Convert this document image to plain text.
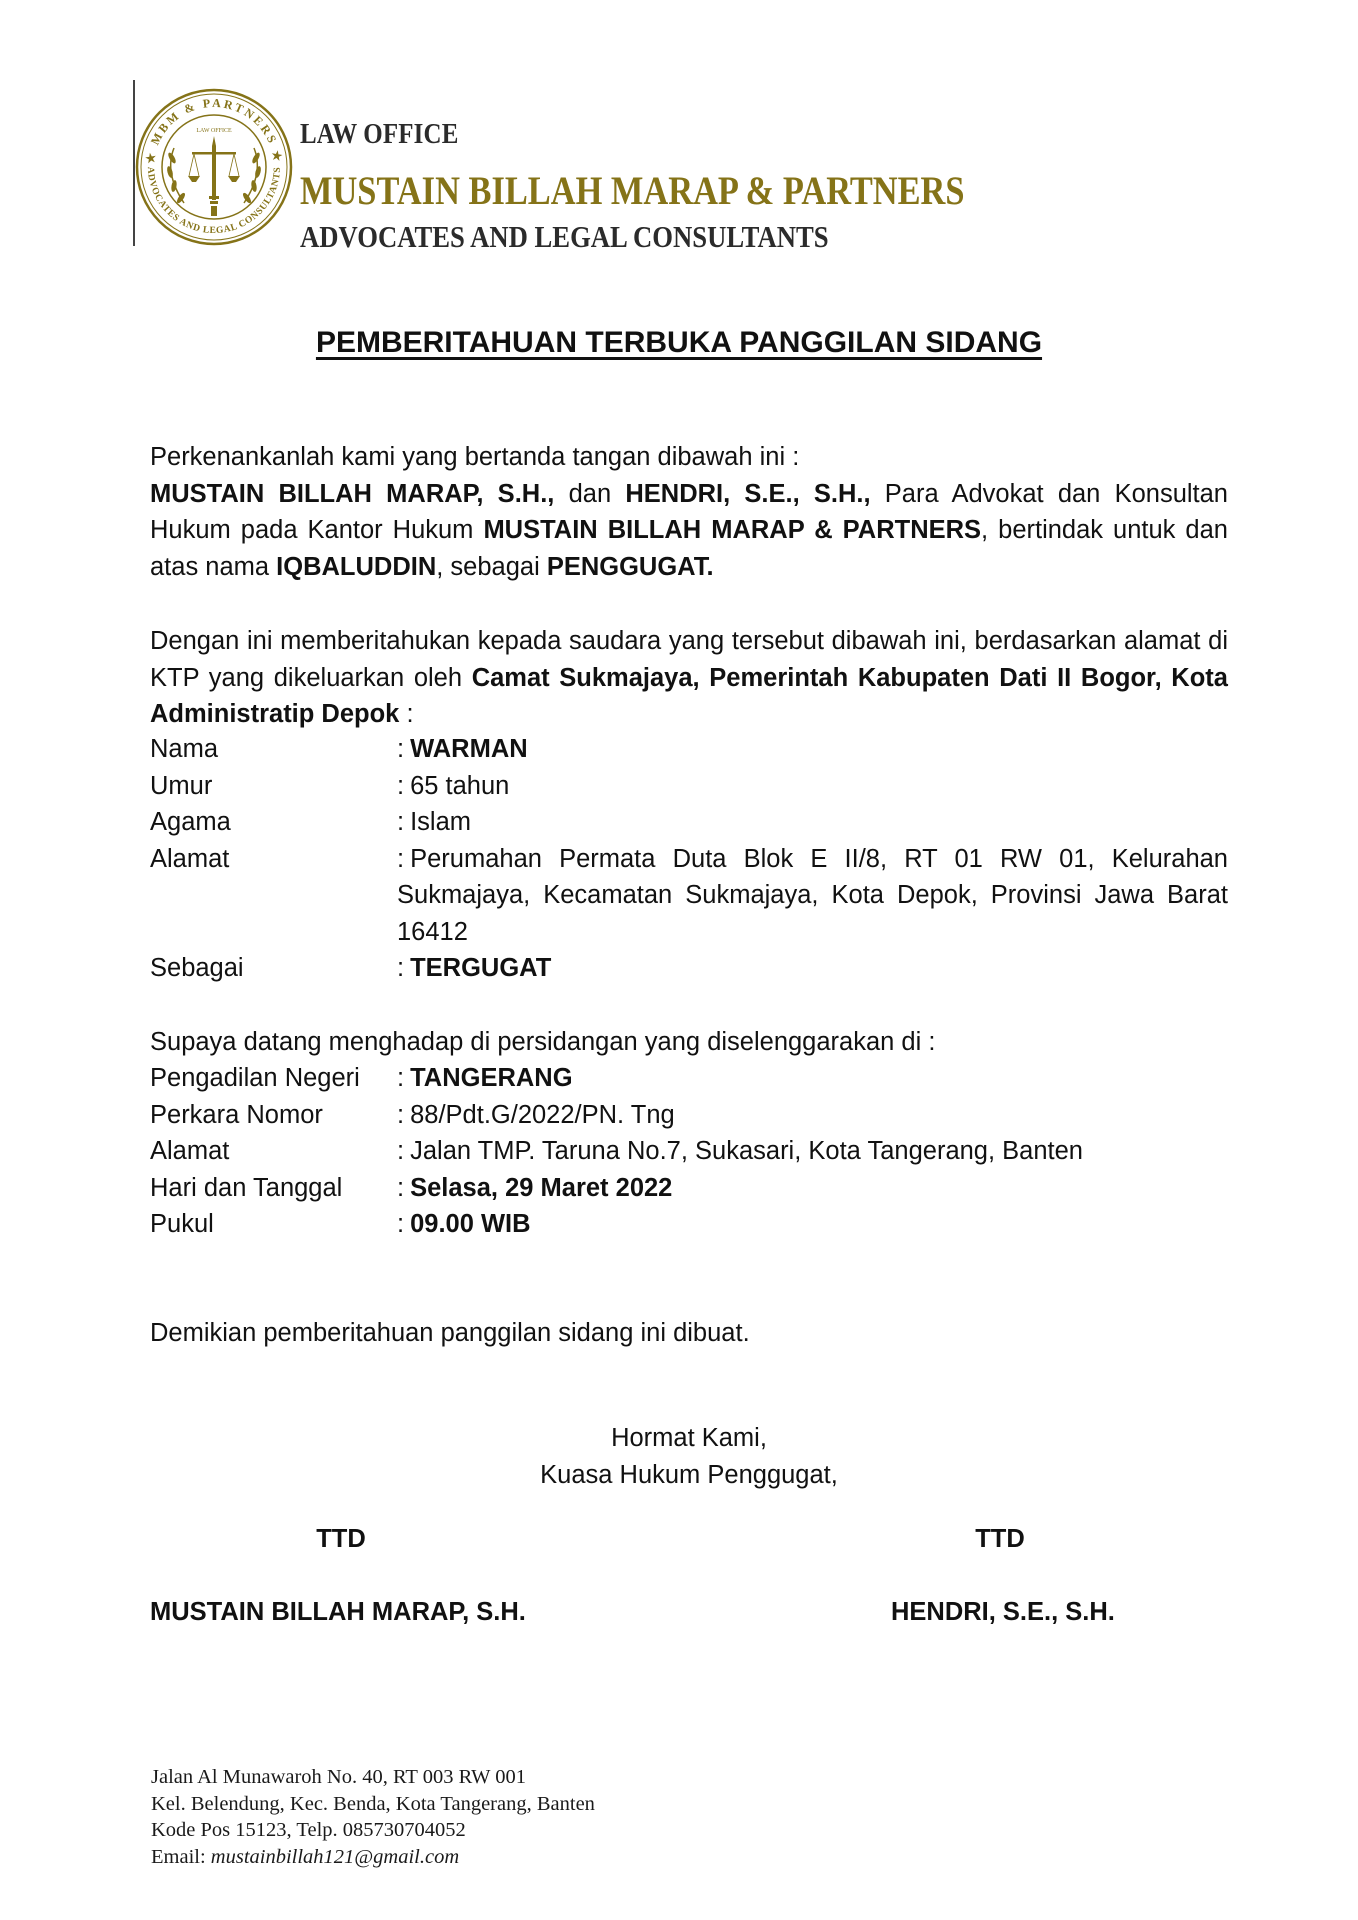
★ MBM & PARTNERS ★
ADVOCATES AND LEGAL CONSULTANTS
LAW OFFICE LAW OFFICE
MUSTAIN BILLAH MARAP & PARTNERS
ADVOCATES AND LEGAL CONSULTANTS
PEMBERITAHUAN TERBUKA PANGGILAN SIDANG
Perkenankanlah kami yang bertanda tangan dibawah ini :
MUSTAIN BILLAH MARAP, S.H., dan HENDRI, S.E., S.H., Para Advokat dan Konsultan Hukum pada Kantor Hukum MUSTAIN BILLAH MARAP & PARTNERS, bertindak untuk dan atas nama IQBALUDDIN, sebagai PENGGUGAT.
Dengan ini memberitahukan kepada saudara yang tersebut dibawah ini, berdasarkan alamat di KTP yang dikeluarkan oleh Camat Sukmajaya, Pemerintah Kabupaten Dati II Bogor, Kota Administratip Depok :
Nama	: WARMAN
Umur	: 65 tahun
Agama	: Islam
Alamat	: Perumahan Permata Duta Blok E II/8, RT 01 RW 01, Kelurahan Sukmajaya, Kecamatan Sukmajaya, Kota Depok, Provinsi Jawa Barat 16412
Sebagai	: TERGUGAT
Supaya datang menghadap di persidangan yang diselenggarakan di :
Pengadilan Negeri	: TANGERANG
Perkara Nomor	: 88/Pdt.G/2022/PN. Tng
Alamat	: Jalan TMP. Taruna No.7, Sukasari, Kota Tangerang, Banten
Hari dan Tanggal	: Selasa, 29 Maret 2022
Pukul	: 09.00 WIB
Demikian pemberitahuan panggilan sidang ini dibuat.
Hormat Kami,
Kuasa Hukum Penggugat,
TTD	TTD
MUSTAIN BILLAH MARAP, S.H.	HENDRI, S.E., S.H.
Jalan Al Munawaroh No. 40, RT 003 RW 001
Kel. Belendung, Kec. Benda, Kota Tangerang, Banten
Kode Pos 15123, Telp. 085730704052
Email: mustainbillah121@gmail.com
